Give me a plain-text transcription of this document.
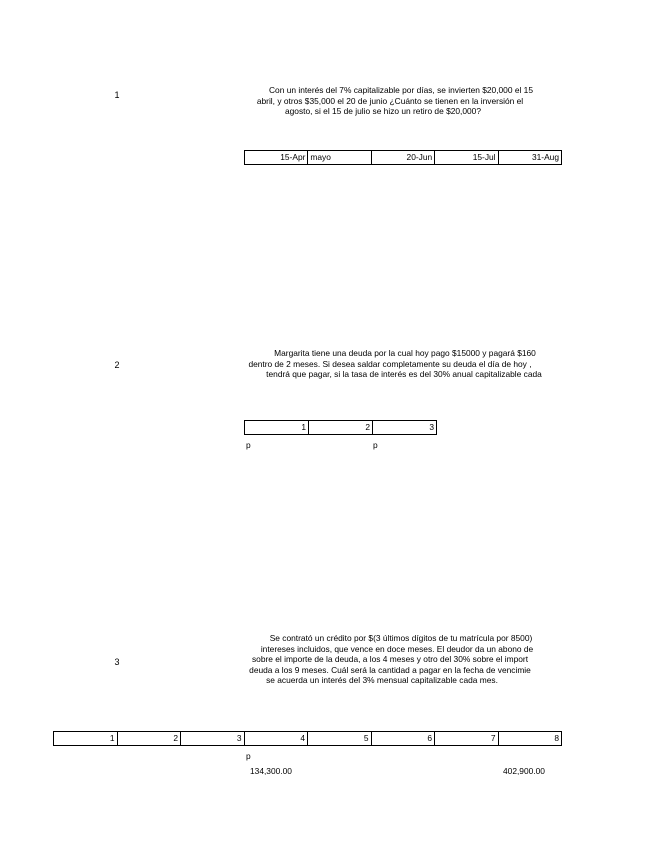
1	Con un interés del 7% capitalizable por días, se invierten $20,000 el 15
abril, y otros $35,000 el 20 de junio ¿Cuánto se tienen en la inversión el
agosto, si el 15 de julio se hizo un retiro de $20,000?
15-Apr	mayo	20-Jun	15-Jul	31-Aug
2
Margarita tiene una deuda por la cual hoy pago $15000 y pagará $160
dentro de 2 meses. Si desea saldar completamente su deuda el día de hoy ,
tendrá que pagar, si la tasa de interés es del 30% anual capitalizable cada
1	2	3
p	p
3
Se contrató un crédito por $(3 últimos dígitos de tu matrícula por 8500)
intereses incluidos, que vence en doce meses. El deudor da un abono de
sobre el importe de la deuda, a los 4 meses y otro del 30% sobre el import
deuda a los 9 meses. Cuál será la cantidad a pagar en la fecha de vencimie
se acuerda un interés del 3% mensual capitalizable cada mes.
1	2	3	4	5	6	7	8
p
134,300.00	402,900.00
